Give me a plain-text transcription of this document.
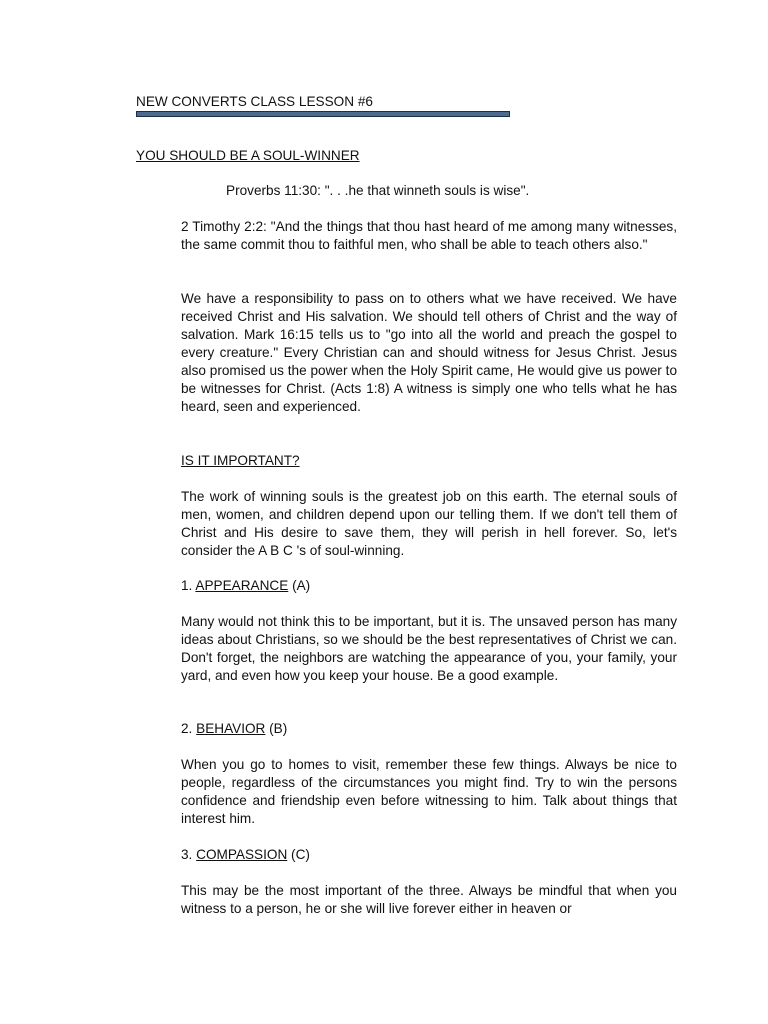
NEW CONVERTS CLASS LESSON #6
YOU SHOULD BE A SOUL-WINNER

Proverbs 11:30: ". . .he that winneth souls is wise".

2 Timothy 2:2: "And the things that thou hast heard of me among many witnesses, the same commit thou to faithful men, who shall be able to teach others also."

We have a responsibility to pass on to others what we have received. We have received Christ and His salvation. We should tell others of Christ and the way of salvation. Mark 16:15 tells us to "go into all the world and preach the gospel to every creature." Every Christian can and should witness for Jesus Christ. Jesus also promised us the power when the Holy Spirit came, He would give us power to be witnesses for Christ. (Acts 1:8) A witness is simply one who tells what he has heard, seen and experienced.

IS IT IMPORTANT?

The work of winning souls is the greatest job on this earth. The eternal souls of men, women, and children depend upon our telling them. If we don't tell them of Christ and His desire to save them, they will perish in hell forever. So, let's consider the A B C 's of soul-winning.

1. APPEARANCE (A)

Many would not think this to be important, but it is. The unsaved person has many ideas about Christians, so we should be the best representatives of Christ we can. Don't forget, the neighbors are watching the appearance of you, your family, your yard, and even how you keep your house. Be a good example.

2. BEHAVIOR (B)

When you go to homes to visit, remember these few things. Always be nice to people, regardless of the circumstances you might find. Try to win the persons confidence and friendship even before witnessing to him. Talk about things that interest him.

3. COMPASSION (C)

This may be the most important of the three. Always be mindful that when you witness to a person, he or she will live forever either in heaven or
